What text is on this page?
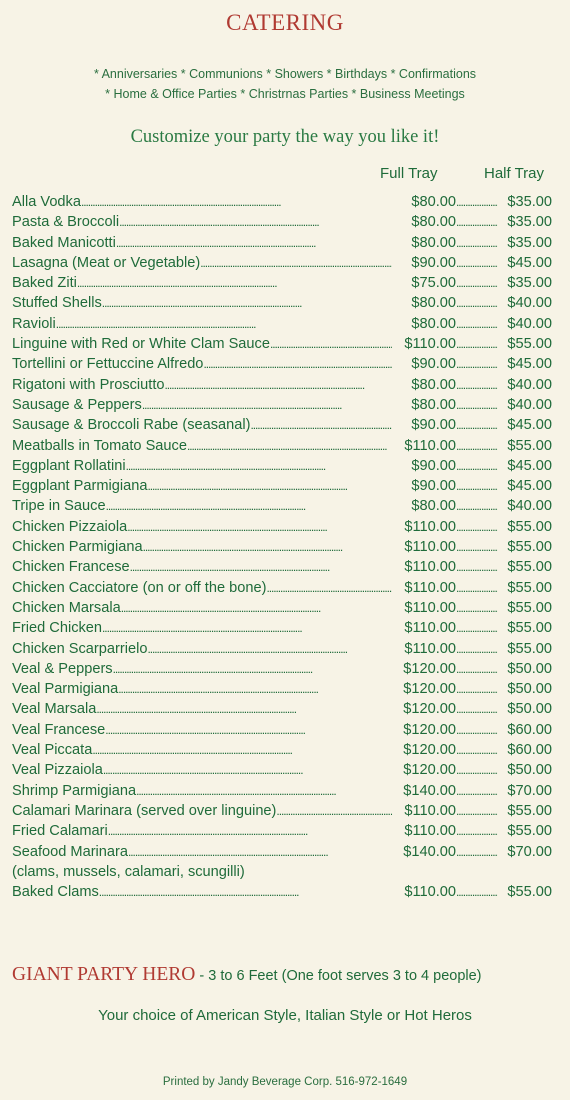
CATERING
* Anniversaries * Communions * Showers * Birthdays * Confirmations
* Home & Office Parties * Christrnas Parties * Business Meetings
Customize your party the way you like it!
Full Tray	Half Tray
Alla Vodka . . .	$80.00 . . .	$35.00
Pasta & Broccoli . . .	$80.00 . . .	$35.00
Baked Manicotti . . .	$80.00 . . .	$35.00
Lasagna (Meat or Vegetable) . . .	$90.00 . . .	$45.00
Baked Ziti . . .	$75.00 . . .	$35.00
Stuffed Shells . . .	$80.00 . . .	$40.00
Ravioli . . .	$80.00 . . .	$40.00
Linguine with Red or White Clam Sauce . . .	$110.00 . . .	$55.00
Tortellini or Fettuccine Alfredo . . .	$90.00 . . .	$45.00
Rigatoni with Prosciutto . . .	$80.00 . . .	$40.00
Sausage & Peppers . . .	$80.00 . . .	$40.00
Sausage & Broccoli Rabe (seasanal) . . .	$90.00 . . .	$45.00
Meatballs in Tomato Sauce . . .	$110.00 . . .	$55.00
Eggplant Rollatini . . .	$90.00 . . .	$45.00
Eggplant Parmigiana . . .	$90.00 . . .	$45.00
Tripe in Sauce . . .	$80.00 . . .	$40.00
Chicken Pizzaiola . . .	$110.00 . . .	$55.00
Chicken Parmigiana . . .	$110.00 . . .	$55.00
Chicken Francese . . .	$110.00 . . .	$55.00
Chicken Cacciatore (on or off the bone) . . .	$110.00 . . .	$55.00
Chicken Marsala . . .	$110.00 . . .	$55.00
Fried Chicken . . .	$110.00 . . .	$55.00
Chicken Scarparrielo . . .	$110.00 . . .	$55.00
Veal & Peppers . . .	$120.00 . . .	$50.00
Veal Parmigiana . . .	$120.00 . . .	$50.00
Veal Marsala . . .	$120.00 . . .	$50.00
Veal Francese . . .	$120.00 . . .	$60.00
Veal Piccata . . .	$120.00 . . .	$60.00
Veal Pizzaiola . . .	$120.00 . . .	$50.00
Shrimp Parmigiana . . .	$140.00 . . .	$70.00
Calamari Marinara (served over linguine) . . .	$110.00 . . .	$55.00
Fried Calamari . . .	$110.00 . . .	$55.00
Seafood Marinara . . .	$140.00 . . .	$70.00
(clams, mussels, calamari, scungilli)
Baked Clams . . .	$110.00 . . .	$55.00
GIANT PARTY HERO - 3 to 6 Feet (One foot serves 3 to 4 people)
Your choice of American Style, Italian Style or Hot Heros
Printed by Jandy Beverage Corp. 516-972-1649
